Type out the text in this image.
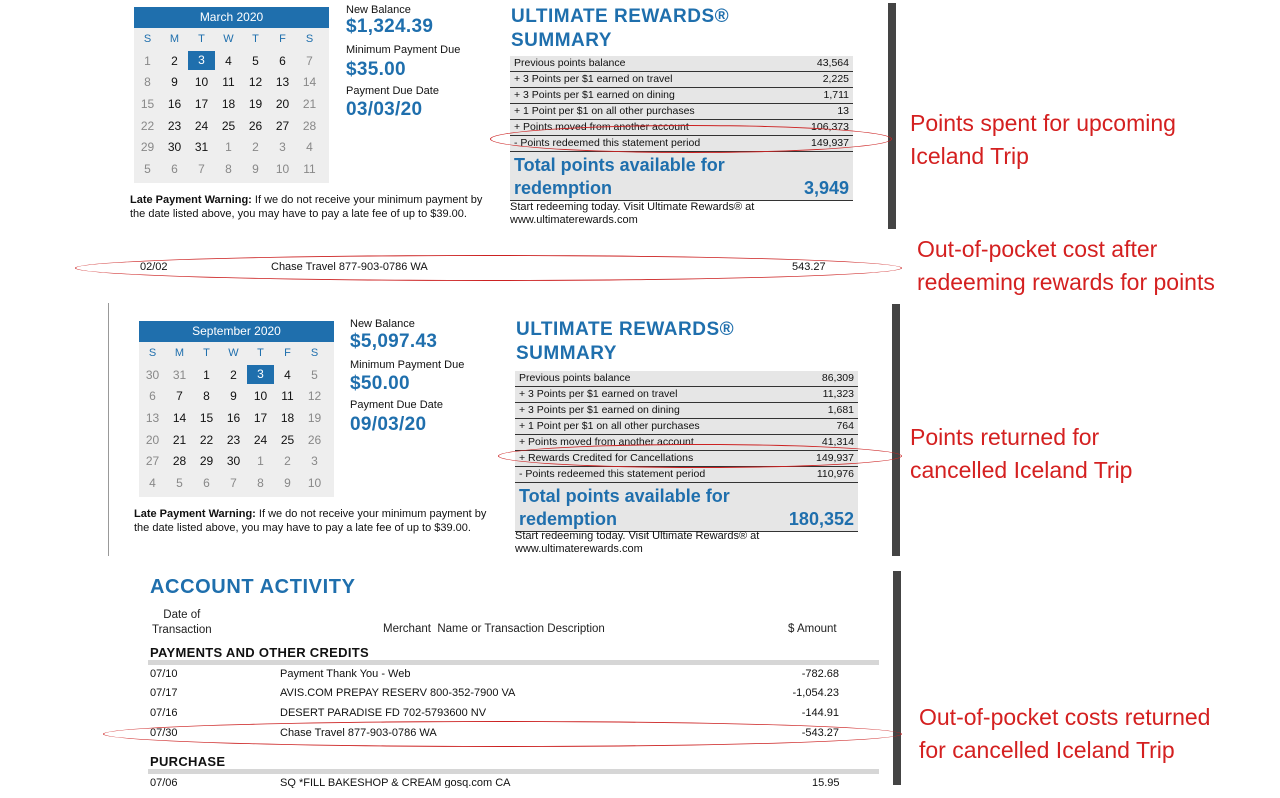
March 2020
S	M	T	W	T	F	S
1	2	3	4	5	6	7
8	9	10	11	12	13	14
15	16	17	18	19	20	21
22	23	24	25	26	27	28
29	30	31	1	2	3	4
5	6	7	8	9	10	11
New Balance
$1,324.39
Minimum Payment Due
$35.00
Payment Due Date
03/03/20
Late Payment Warning: If we do not receive your minimum payment by the date listed above, you may have to pay a late fee of up to $39.00.
ULTIMATE REWARDS®
SUMMARY
Previous points balance	43,564
+ 3 Points per $1 earned on travel	2,225
+ 3 Points per $1 earned on dining	1,711
+ 1 Point per $1 on all other purchases	13
+ Points moved from another account	106,373
- Points redeemed this statement period	149,937
Total points available for
redemption	3,949
Start redeeming today. Visit Ultimate Rewards® at www.ultimaterewards.com
02/02	Chase Travel 877-903-0786 WA	543.27
September 2020
S	M	T	W	T	F	S
30	31	1	2	3	4	5
6	7	8	9	10	11	12
13	14	15	16	17	18	19
20	21	22	23	24	25	26
27	28	29	30	1	2	3
4	5	6	7	8	9	10
New Balance
$5,097.43
Minimum Payment Due
$50.00
Payment Due Date
09/03/20
Late Payment Warning: If we do not receive your minimum payment by the date listed above, you may have to pay a late fee of up to $39.00.
ULTIMATE REWARDS®
SUMMARY
Previous points balance	86,309
+ 3 Points per $1 earned on travel	11,323
+ 3 Points per $1 earned on dining	1,681
+ 1 Point per $1 on all other purchases	764
+ Points moved from another account	41,314
+ Rewards Credited for Cancellations	149,937
- Points redeemed this statement period	110,976
Total points available for
redemption	180,352
Start redeeming today. Visit Ultimate Rewards® at www.ultimaterewards.com
ACCOUNT ACTIVITY
Date of
Transaction	Merchant  Name or Transaction Description	$ Amount
PAYMENTS AND OTHER CREDITS
07/10	Payment Thank You - Web	-782.68
07/17	AVIS.COM PREPAY RESERV 800-352-7900 VA	-1,054.23
07/16	DESERT PARADISE FD 702-5793600 NV	-144.91
07/30	Chase Travel 877-903-0786 WA	-543.27
PURCHASE
07/06	SQ *FILL BAKESHOP & CREAM gosq.com CA	15.95
Points spent for upcoming
Iceland Trip
Out-of-pocket cost after
redeeming rewards for points
Points returned for
cancelled Iceland Trip
Out-of-pocket costs returned
for cancelled Iceland Trip
